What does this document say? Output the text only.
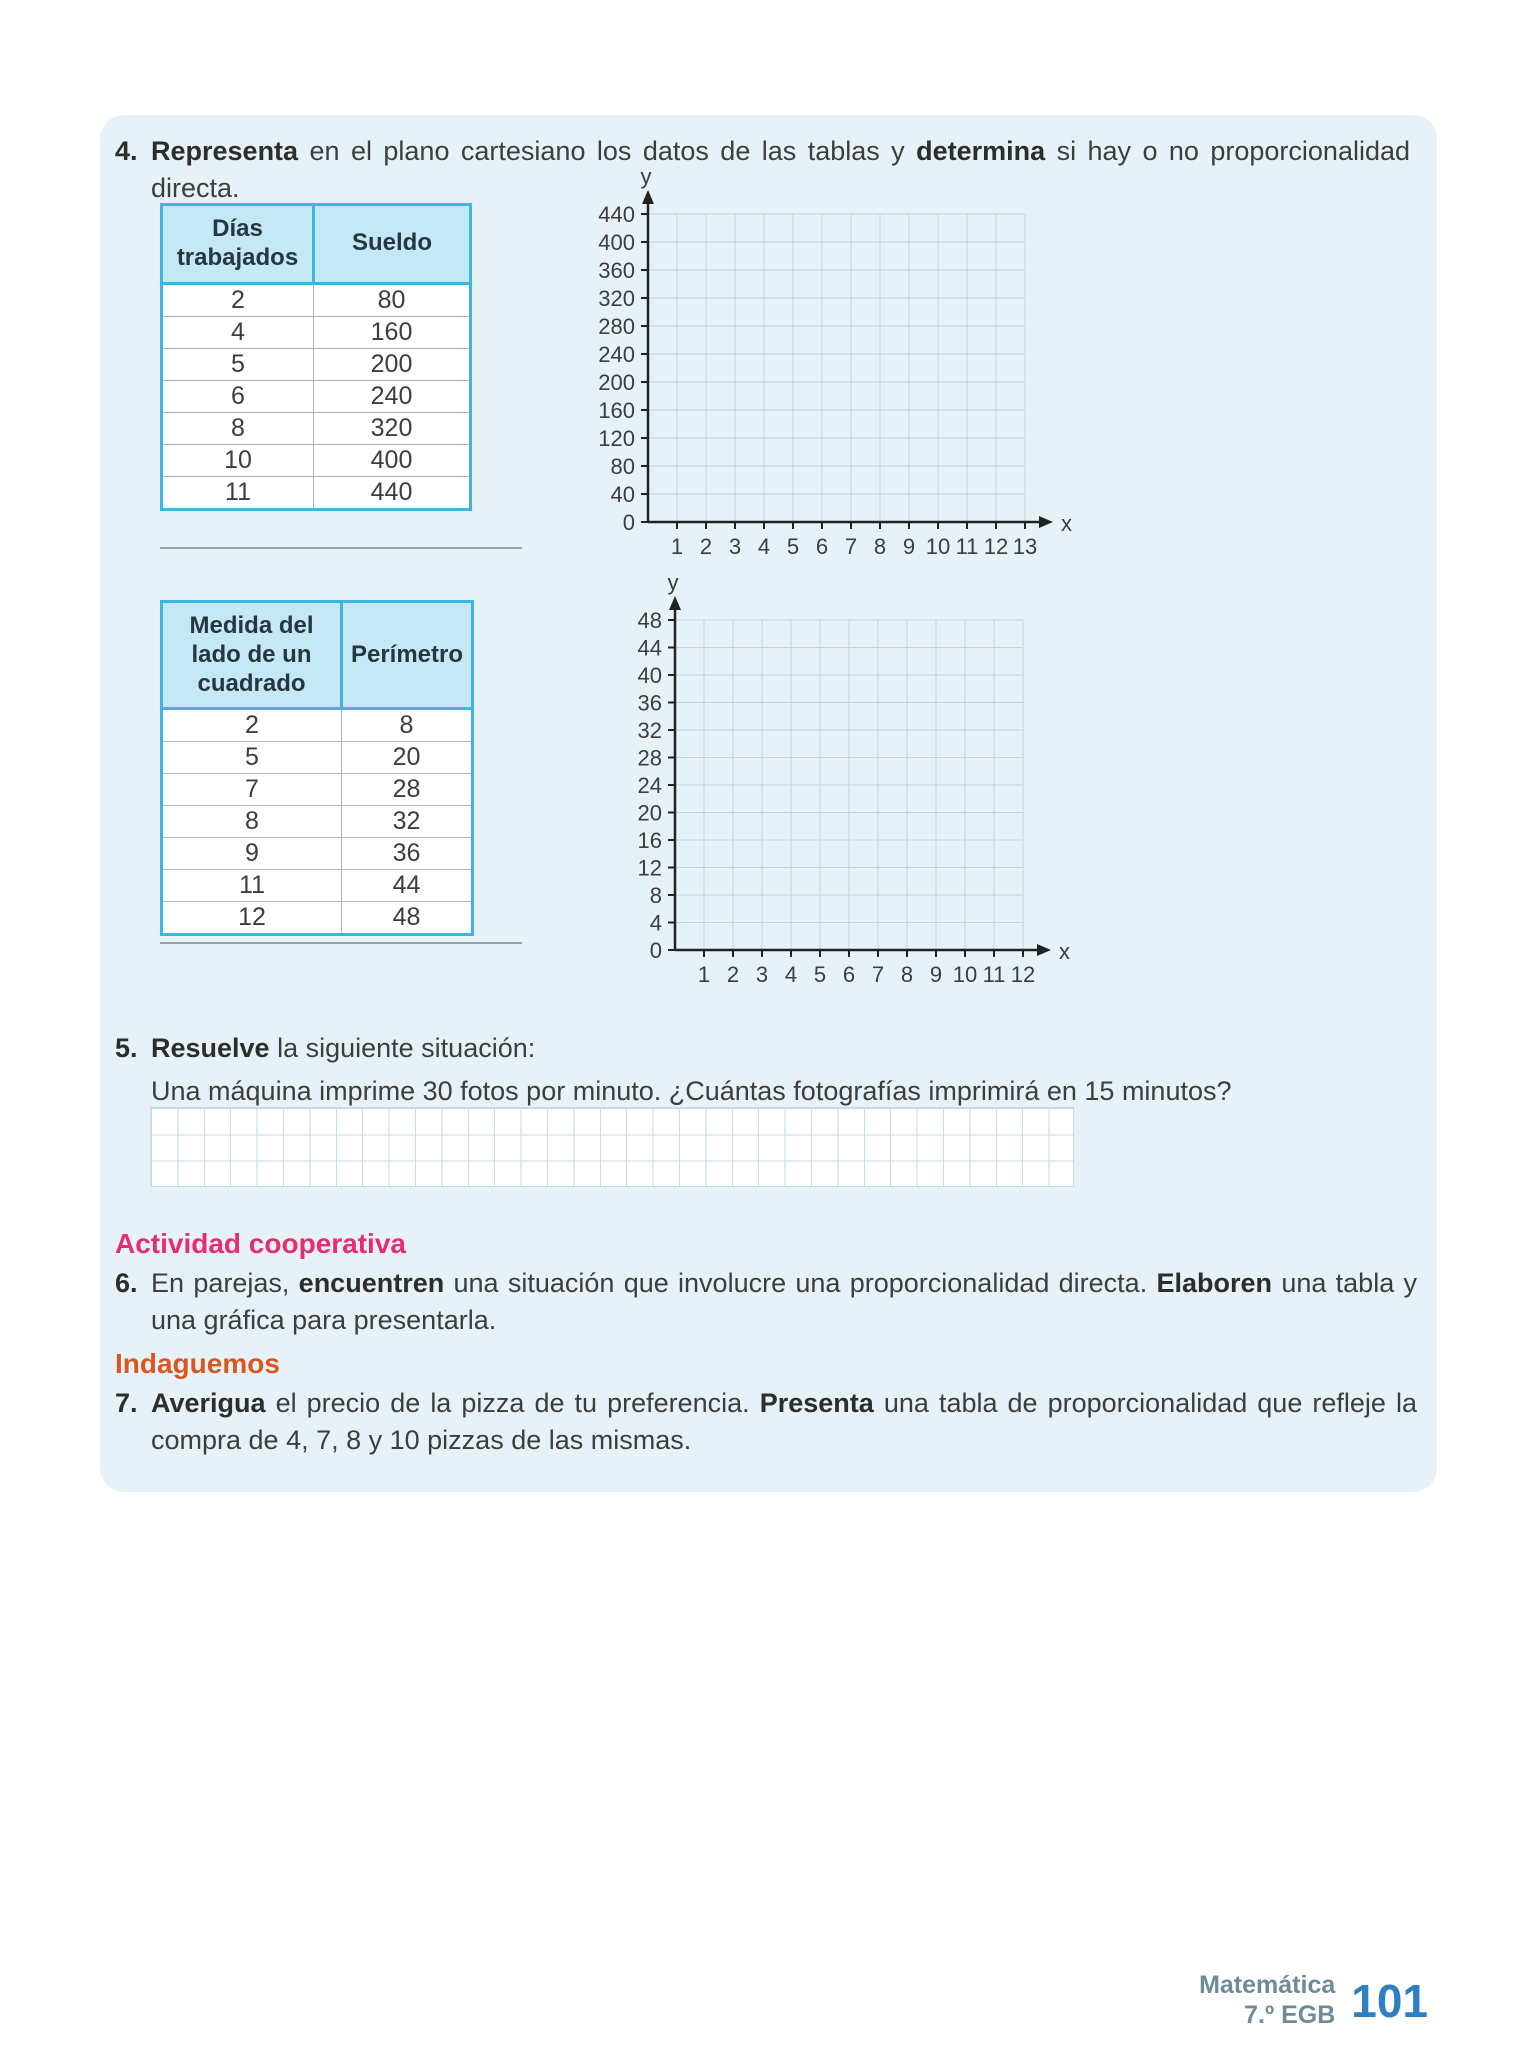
4. Representa en el plano cartesiano los datos de las tablas y determina si hay o no proporcionalidad directa.
Días trabajados	Sueldo
2	80
4	160
5	200
6	240
8	320
10	400
11	440
0
40
80
120
160
200
240
280
320
360
400
440
1 2 3 4 5 6 7 8 9 10 11 12 13
y
x
Medida del lado de un cuadrado	Perímetro
2	8
5	20
7	28
8	32
9	36
11	44
12	48
0
4
8
12
16
20
24
28
32
36
40
44
48
1 2 3 4 5 6 7 8 9 10 11 12
y
x
5. Resuelve la siguiente situación:
Una máquina imprime 30 fotos por minuto. ¿Cuántas fotografías imprimirá en 15 minutos?
Actividad cooperativa
6. En parejas, encuentren una situación que involucre una proporcionalidad directa. Elaboren una tabla y una gráfica para presentarla.
Indaguemos
7. Averigua el precio de la pizza de tu preferencia. Presenta una tabla de proporcionalidad que refleje la compra de 4, 7, 8 y 10 pizzas de las mismas.
Matemática
7.º EGB 101
